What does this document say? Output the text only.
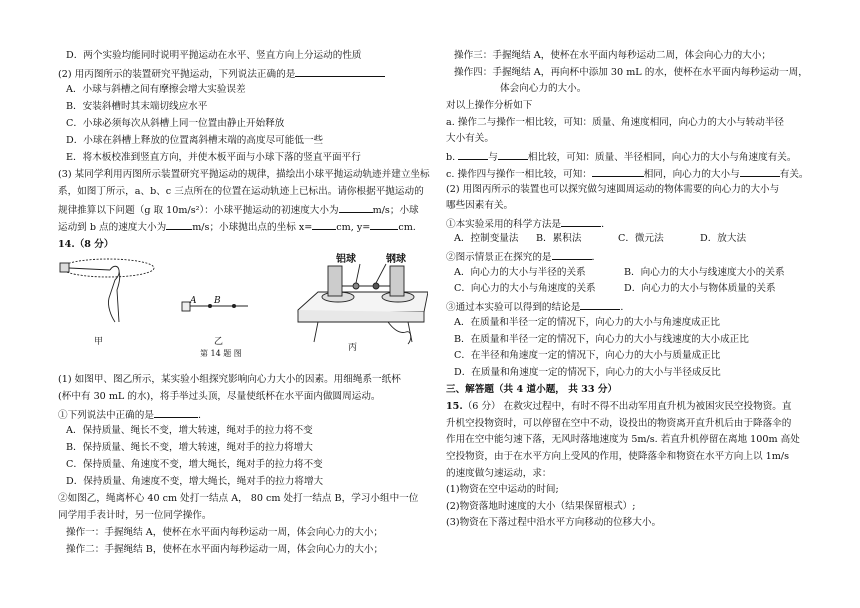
D．两个实验均能同时说明平抛运动在水平、竖直方向上分运动的性质
(2) 用丙图所示的装置研究平抛运动，下列说法正确的是
A．小球与斜槽之间有摩擦会增大实验误差
B．安装斜槽时其末端切线应水平
C．小球必须每次从斜槽上同一位置由静止开始释放
D．小球在斜槽上释放的位置离斜槽末端的高度尽可能低一些
E．将木板校准到竖直方向，并使木板平面与小球下落的竖直平面平行
(3) 某同学利用丙图所示装置研究平抛运动的规律，描绘出小球平抛运动轨迹并建立坐标
系，如图丁所示，a、b、c 三点所在的位置在运动轨迹上已标出。请你根据平抛运动的
规律推算以下问题（g 取 10m/s²）：小球平抛运动的初速度大小为	m/s；小球
运动到 b 点的速度大小为	m/s；小球抛出点的坐标 x=	cm, y=	cm.
14.（8 分）
A B
铝球	钢球
甲	乙
丙
第 14 题 图
(1) 如图甲、图乙所示，某实验小组探究影响向心力大小的因素。用细绳系一纸杯
(杯中有 30 mL 的水)，将手举过头顶，尽量使纸杯在水平面内做圆周运动。
①下列说法中正确的是	．
A．保持质量、绳长不变，增大转速，绳对手的拉力将不变
B．保持质量、绳长不变，增大转速，绳对手的拉力将增大
C．保持质量、角速度不变，增大绳长，绳对手的拉力将不变
D．保持质量、角速度不变，增大绳长，绳对手的拉力将增大
②如图乙，绳离杯心 40 cm 处打一结点 A， 80 cm 处打一结点 B，学习小组中一位
同学用手表计时，另一位同学操作。
操作一：手握绳结 A，使杯在水平面内每秒运动一周，体会向心力的大小；
操作二：手握绳结 B，使杯在水平面内每秒运动一周，体会向心力的大小；
操作三：手握绳结 A，使杯在水平面内每秒运动二周，体会向心力的大小；
操作四：手握绳结 A，再向杯中添加 30 mL 的水，使杯在水平面内每秒运动一周，
体会向心力的大小。
对以上操作分析如下
a. 操作二与操作一相比较，可知：质量、角速度相同，向心力的大小与转动半径
大小有关。
b.	与	相比较，可知：质量、半径相同，向心力的大小与角速度有关。
c. 操作四与操作一相比较，可知：	相同，向心力的大小与	有关。
(2) 用图丙所示的装置也可以探究做匀速圆周运动的物体需要的向心力的大小与
哪些因素有关。
①本实验采用的科学方法是	．
A．控制变量法 B．累积法	C．微元法	D．放大法
②图示情景正在探究的是	．
A．向心力的大小与半径的关系	B．向心力的大小与线速度大小的关系
C．向心力的大小与角速度的关系	D．向心力的大小与物体质量的关系
③通过本实验可以得到的结论是	．
A．在质量和半径一定的情况下，向心力的大小与角速度成正比
B．在质量和半径一定的情况下，向心力的大小与线速度的大小成正比
C．在半径和角速度一定的情况下，向心力的大小与质量成正比
D．在质量和角速度一定的情况下，向心力的大小与半径成反比
三、解答题（共 4 道小题， 共 33 分）
15.（6 分） 在救灾过程中，有时不得不出动军用直升机为被困灾民空投物资。直
升机空投物资时，可以停留在空中不动，设投出的物资离开直升机后由于降落伞的
作用在空中能匀速下落，无风时落地速度为 5m/s. 若直升机停留在离地 100m 高处
空投物资，由于在水平方向上受风的作用，使降落伞和物资在水平方向上以 1m/s
的速度做匀速运动，求：
(1)物资在空中运动的时间;
(2)物资落地时速度的大小（结果保留根式）;
(3)物资在下落过程中沿水平方向移动的位移大小。
